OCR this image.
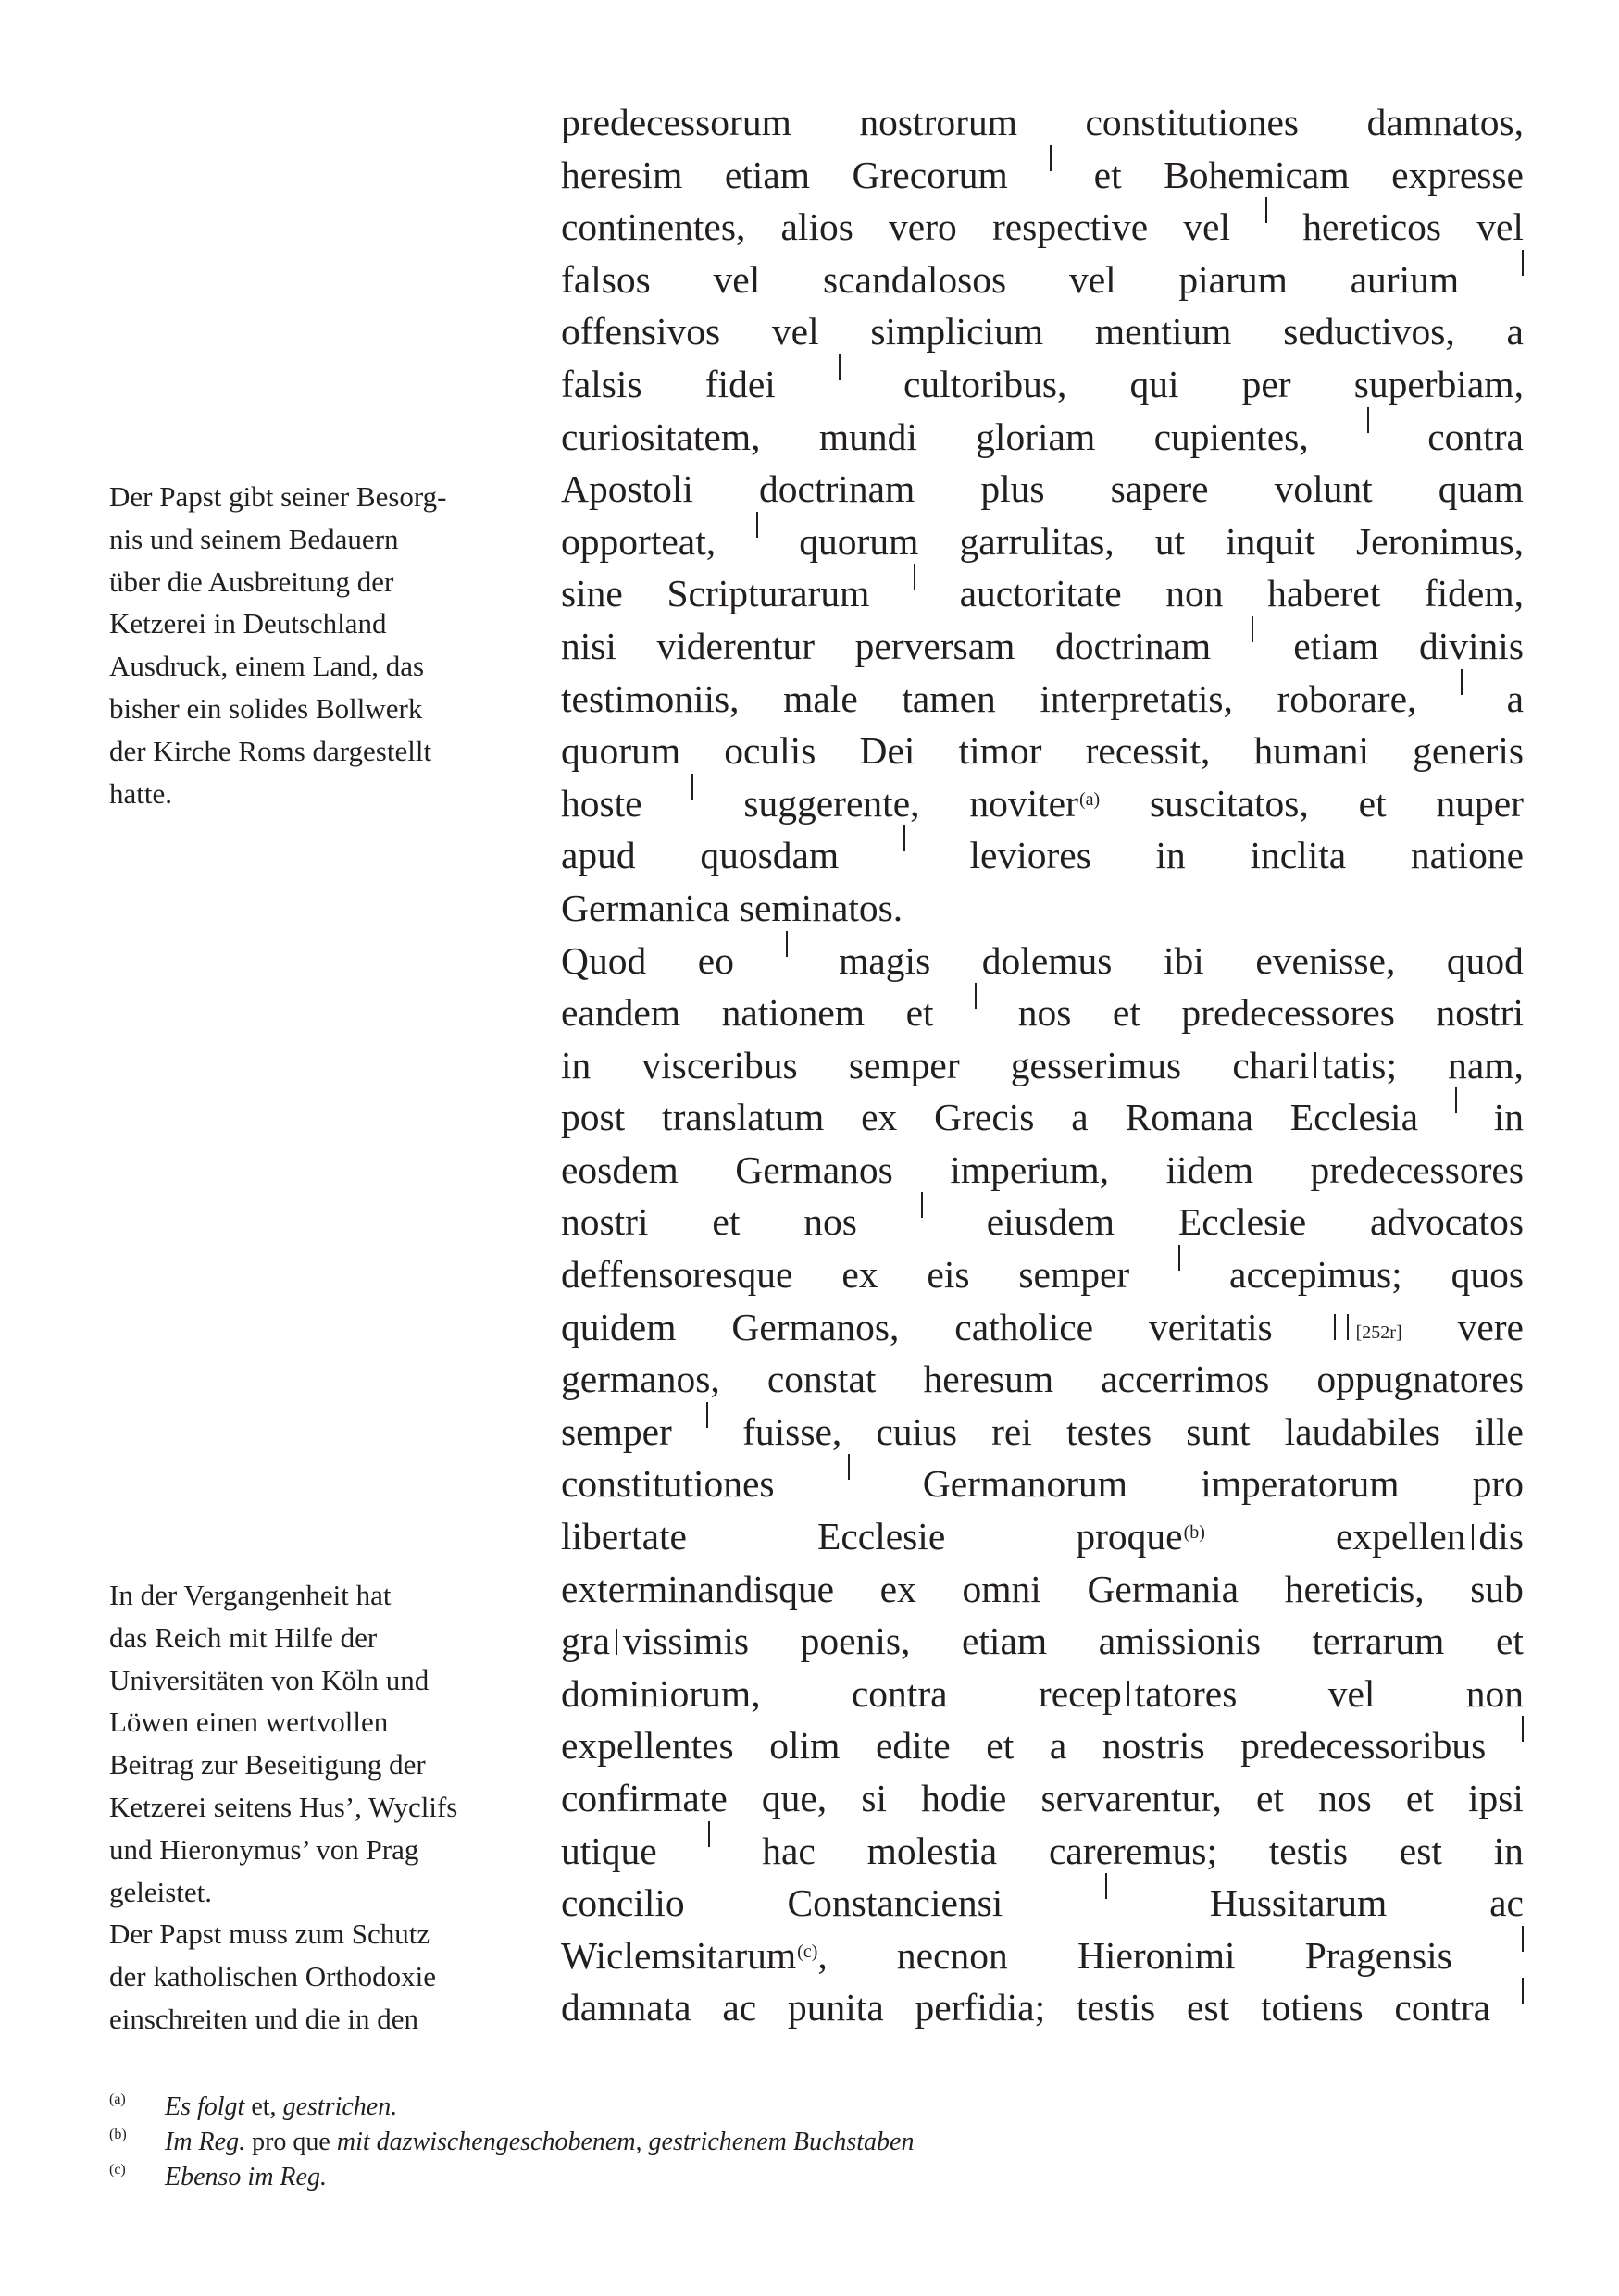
predecessorum nostrorum constitutiones damnatos,
heresim etiam Grecorum et Bohemicam expresse
continentes, alios vero respective vel hereticos vel
falsos vel scandalosos vel piarum aurium
offensivos vel simplicium mentium seductivos, a
falsis fidei	cultoribus, qui per superbiam,
curiositatem, mundi gloriam cupientes,	contra
Apostoli doctrinam plus sapere volunt quam
opporteat, quorum garrulitas, ut inquit Jeronimus,
sine Scripturarum auctoritate non haberet fidem,
nisi viderentur perversam doctrinam etiam divinis
testimoniis, male tamen interpretatis, roborare, a
quorum oculis Dei timor recessit, humani generis
hoste	suggerente, noviter$^{(a)}$ suscitatos, et nuper
apud quosdam	leviores in inclita natione
Germanica seminatos.
Quod eo	magis dolemus ibi evenisse, quod
eandem nationem et nos et predecessores nostri
in visceribus semper gesserimus chari tatis; nam,
post translatum ex Grecis a Romana Ecclesia in
eosdem Germanos imperium, iidem predecessores
nostri et nos	eiusdem Ecclesie advocatos
deffensoresque ex eis semper	accepimus; quos
quidem Germanos, catholice veritatis	[252r] vere
germanos, constat heresum accerrimos oppugnatores
semper fuisse, cuius rei testes sunt laudabiles ille
constitutiones	Germanorum imperatorum pro
libertate	Ecclesie	proque$^{(b)}$	expellen dis
exterminandisque ex omni Germania hereticis, sub
gra vissimis poenis, etiam amissionis terrarum et
dominiorum, contra recep tatores vel non
expellentes olim edite et a nostris predecessoribus
confirmate que, si hodie servarentur, et nos et ipsi
utique	hac molestia careremus; testis est in
concilio	Constanciensi	Hussitarum	ac
Wiclemsitarum$^{(c)}$, necnon Hieronimi Pragensis
damnata ac punita perfidia; testis est totiens contra
Der Papst gibt seiner Besorg-
nis und seinem Bedauern
über die Ausbreitung der
Ketzerei in Deutschland
Ausdruck, einem Land, das
bisher ein solides Bollwerk
der Kirche Roms dargestellt
hatte.
In der Vergangenheit hat
das Reich mit Hilfe der
Universitäten von Köln und
Löwen einen wertvollen
Beitrag zur Beseitigung der
Ketzerei seitens Hus’, Wyclifs
und Hieronymus’ von Prag
geleistet.
Der Papst muss zum Schutz
der katholischen Orthodoxie
einschreiten und die in den
(a)	Es folgt et, gestrichen.
(b)	Im Reg. pro que mit dazwischengeschobenem, gestrichenem Buchstaben
(c)	Ebenso im Reg.
